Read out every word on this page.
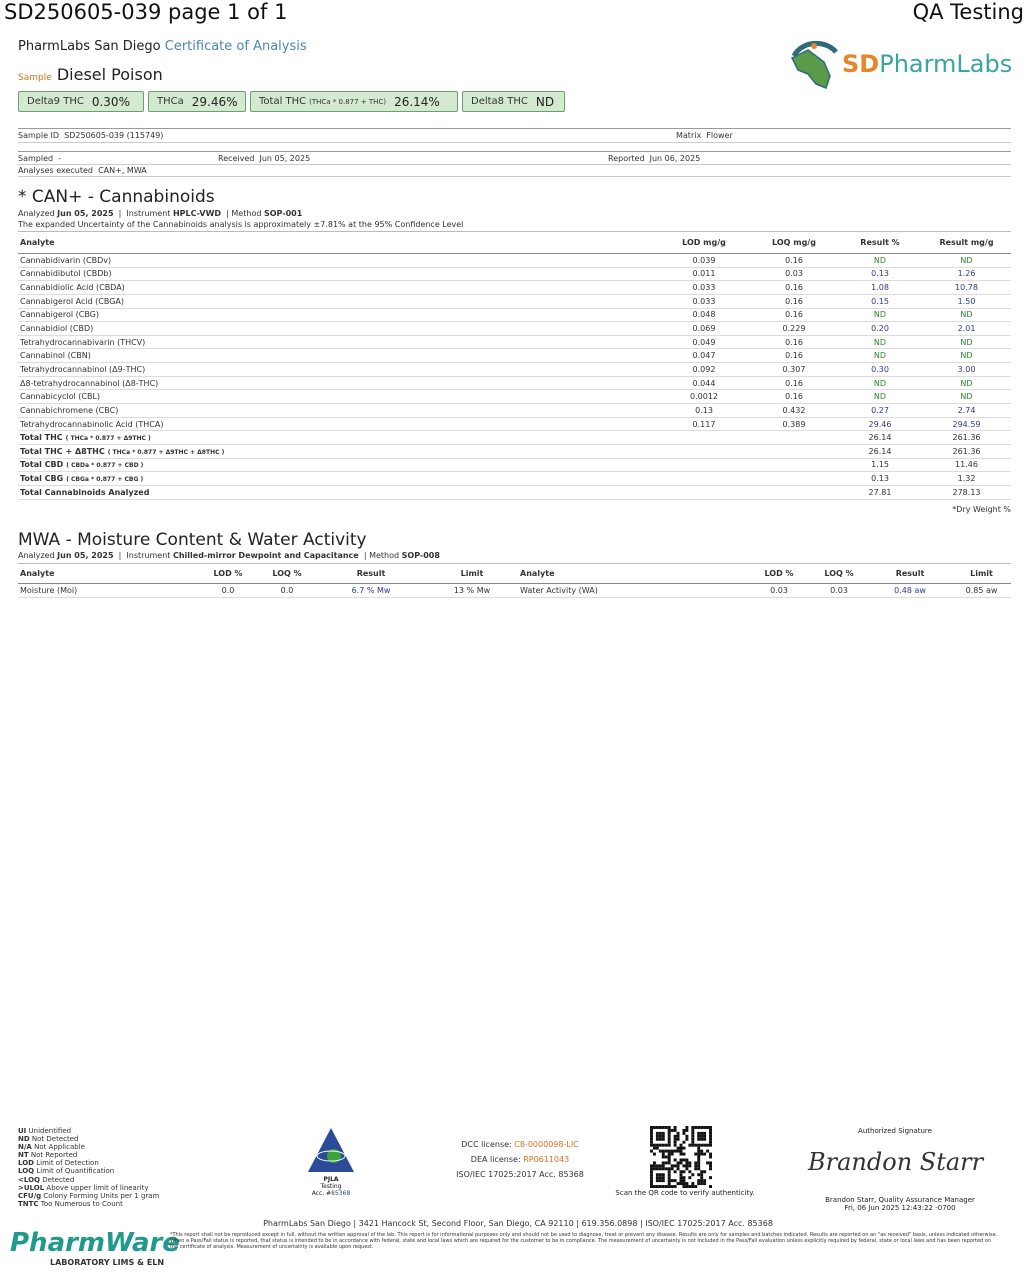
SD250605-039 page 1 of 1	QA Testing
PharmLabs San Diego Certificate of Analysis
Sample Diesel Poison
Delta9 THC 0.30%	THCa 29.46% Total THC (THCa * 0.877 + THC) 26.14%	Delta8 THC ND
SDPharmLabs
Sample ID SD250605-039 (115749)	Matrix Flower
Sampled -	Received Jun 05, 2025	Reported Jun 06, 2025
Analyses executed CAN+, MWA
* CAN+ - Cannabinoids
Analyzed Jun 05, 2025  |  Instrument HPLC-VWD  | Method SOP-001
The expanded Uncertainty of the Cannabinoids analysis is approximately ±7.81% at the 95% Confidence Level
Analyte	LOD mg/g	LOQ mg/g	Result %	Result mg/g
Cannabidivarin (CBDv)	0.039	0.16	ND	ND
Cannabidibutol (CBDb)	0.011	0.03	0.13	1.26
Cannabidiolic Acid (CBDA)	0.033	0.16	1.08	10.78
Cannabigerol Acid (CBGA)	0.033	0.16	0.15	1.50
Cannabigerol (CBG)	0.048	0.16	ND	ND
Cannabidiol (CBD)	0.069	0.229	0.20	2.01
Tetrahydrocannabivarin (THCV)	0.049	0.16	ND	ND
Cannabinol (CBN)	0.047	0.16	ND	ND
Tetrahydrocannabinol (Δ9-THC)	0.092	0.307	0.30	3.00
Δ8-tetrahydrocannabinol (Δ8-THC)	0.044	0.16	ND	ND
Cannabicyclol (CBL)	0.0012	0.16	ND	ND
Cannabichromene (CBC)	0.13	0.432	0.27	2.74
Tetrahydrocannabinolic Acid (THCA)	0.117	0.389	29.46	294.59
Total THC ( THCa * 0.877 + Δ9THC )			26.14	261.36
Total THC + Δ8THC ( THCa * 0.877 + Δ9THC + Δ8THC )			26.14	261.36
Total CBD ( CBDa * 0.877 + CBD )			1.15	11.46
Total CBG ( CBGa * 0.877 + CBG )			0.13	1.32
Total Cannabinoids Analyzed			27.81	278.13
*Dry Weight %
MWA - Moisture Content & Water Activity
Analyzed Jun 05, 2025  |  Instrument Chilled-mirror Dewpoint and Capacitance  | Method SOP-008
Analyte	LOD %	LOQ %	Result	Limit	Analyte	LOD %	LOQ %	Result	Limit
Moisture (Moi)	0.0	0.0	6.7 % Mw	13 % Mw	Water Activity (WA)	0.03	0.03	0.48 aw	0.85 aw
UI Unidentified
ND Not Detected
N/A Not Applicable
NT Not Reported
LOD Limit of Detection
LOQ Limit of Quantification
<LOQ Detected
>ULOL Above upper limit of linearity
CFU/g Colony Forming Units per 1 gram
TNTC Too Numerous to Count
PJLA
Testing
Acc. #85368
DCC license: C8-0000098-LIC
DEA license: RP0611043
ISO/IEC 17025:2017 Acc. 85368
Scan the QR code to verify authenticity.
Authorized Signature
Brandon Starr
Brandon Starr, Quality Assurance Manager
Fri, 06 Jun 2025 12:43:22 -0700
PharmLabs San Diego | 3421 Hancock St, Second Floor, San Diego, CA 92110 | 619.356.0898 | ISO/IEC 17025:2017 Acc. 85368
PharmWare
LABORATORY LIMS & ELN
*This report shall not be reproduced except in full, without the written approval of the lab. This report is for informational purposes only and should not be used to diagnose, treat or prevent any disease. Results are only for samples and batches indicated. Results are reported on an "as received" basis, unless indicated otherwise. When a Pass/Fail status is reported, that status is intended to be in accordance with federal, state and local laws which are required for the customer to be in compliance. The measurement of uncertainty is not included in the Pass/Fail evaluation unless explicitly required by federal, state or local laws and has been reported on the certificate of analysis. Measurement of uncertainty is available upon request.
